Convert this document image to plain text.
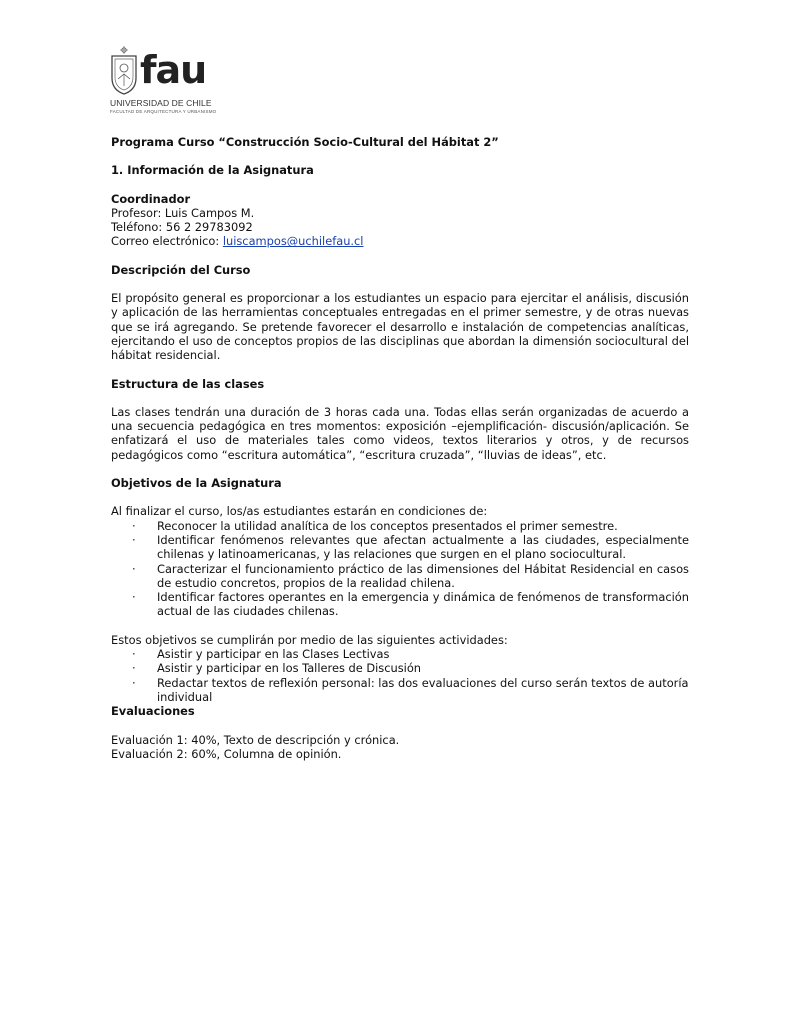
fau
UNIVERSIDAD DE CHILE
FACULTAD DE ARQUITECTURA Y URBANISMO

Programa Curso “Construcción Socio-Cultural del Hábitat 2”

1. Información de la Asignatura

Coordinador

Profesor: Luis Campos M.

Teléfono: 56 2 29783092

Correo electrónico: luiscampos@uchilefau.cl

Descripción del Curso

El propósito general es proporcionar a los estudiantes un espacio para ejercitar el análisis, discusión y aplicación de las herramientas conceptuales entregadas en el primer semestre, y de otras nuevas que se irá agregando. Se pretende favorecer el desarrollo e instalación de competencias analíticas, ejercitando el uso de conceptos propios de las disciplinas que abordan la dimensión sociocultural del hábitat residencial.

Estructura de las clases

Las clases tendrán una duración de 3 horas cada una. Todas ellas serán organizadas de acuerdo a una secuencia pedagógica en tres momentos: exposición –ejemplificación- discusión/aplicación. Se enfatizará el uso de materiales tales como videos, textos literarios y otros, y de recursos pedagógicos como “escritura automática”, “escritura cruzada”, “lluvias de ideas”, etc.

Objetivos de la Asignatura

Al finalizar el curso, los/as estudiantes estarán en condiciones de:

· Reconocer la utilidad analítica de los conceptos presentados el primer semestre.
· Identificar fenómenos relevantes que afectan actualmente a las ciudades, especialmente chilenas y latinoamericanas, y las relaciones que surgen en el plano sociocultural.
· Caracterizar el funcionamiento práctico de las dimensiones del Hábitat Residencial en casos de estudio concretos, propios de la realidad chilena.
· Identificar factores operantes en la emergencia y dinámica de fenómenos de transformación actual de las ciudades chilenas.

Estos objetivos se cumplirán por medio de las siguientes actividades:

· Asistir y participar en las Clases Lectivas
· Asistir y participar en los Talleres de Discusión
· Redactar textos de reflexión personal: las dos evaluaciones del curso serán textos de autoría individual

Evaluaciones

Evaluación 1: 40%, Texto de descripción y crónica.

Evaluación 2: 60%, Columna de opinión.
